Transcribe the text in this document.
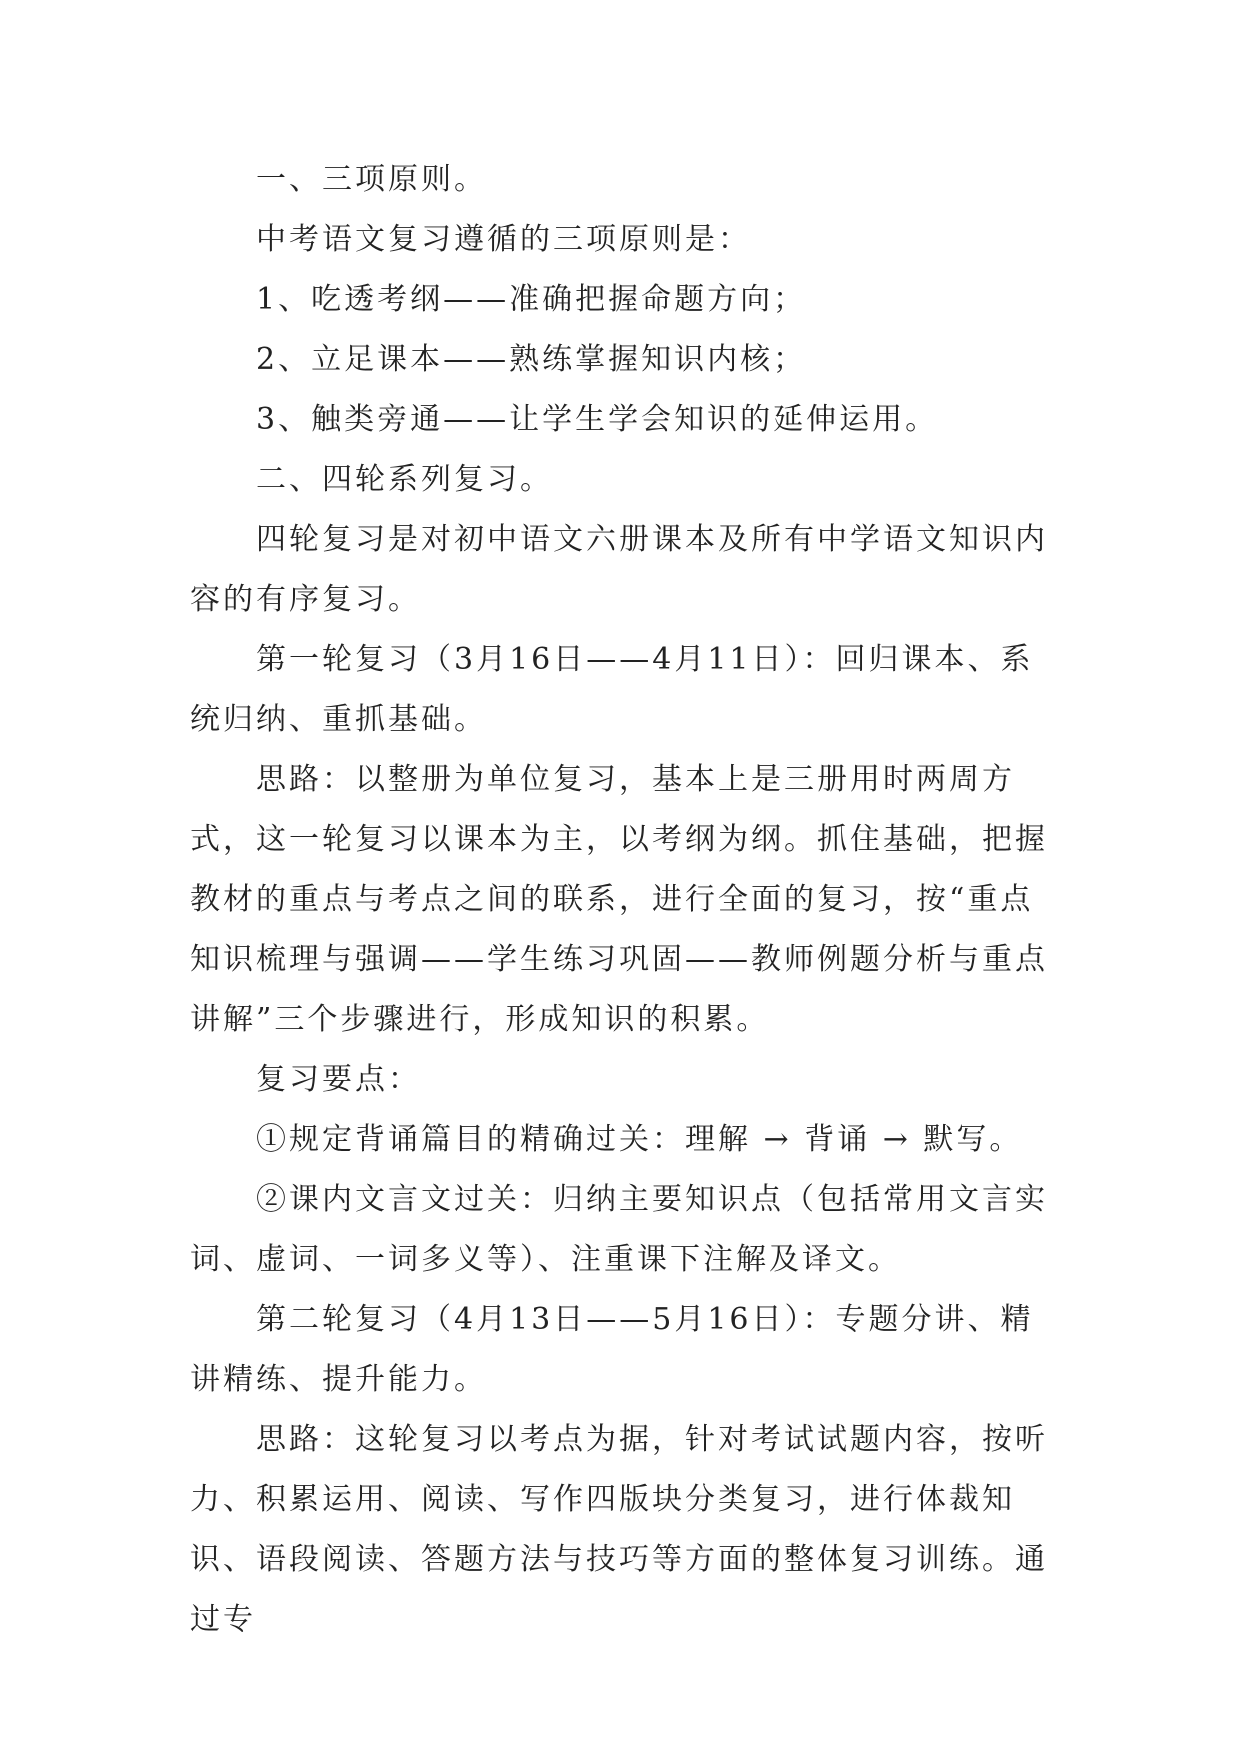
一、三项原则。

中考语文复习遵循的三项原则是：

1、吃透考纲——准确把握命题方向；

2、立足课本——熟练掌握知识内核；

3、触类旁通——让学生学会知识的延伸运用。

二、四轮系列复习。

四轮复习是对初中语文六册课本及所有中学语文知识内容的有序复习。

第一轮复习（3月16日——4月11日）：回归课本、系统归纳、重抓基础。

思路：以整册为单位复习，基本上是三册用时两周方式，这一轮复习以课本为主，以考纲为纲。抓住基础，把握教材的重点与考点之间的联系，进行全面的复习，按“重点知识梳理与强调——学生练习巩固——教师例题分析与重点讲解”三个步骤进行，形成知识的积累。

复习要点：

①规定背诵篇目的精确过关：理解 → 背诵 → 默写。

②课内文言文过关：归纳主要知识点（包括常用文言实词、虚词、一词多义等）、注重课下注解及译文。

第二轮复习（4月13日——5月16日）：专题分讲、精讲精练、提升能力。

思路：这轮复习以考点为据，针对考试试题内容，按听力、积累运用、阅读、写作四版块分类复习，进行体裁知识、语段阅读、答题方法与技巧等方面的整体复习训练。通过专
